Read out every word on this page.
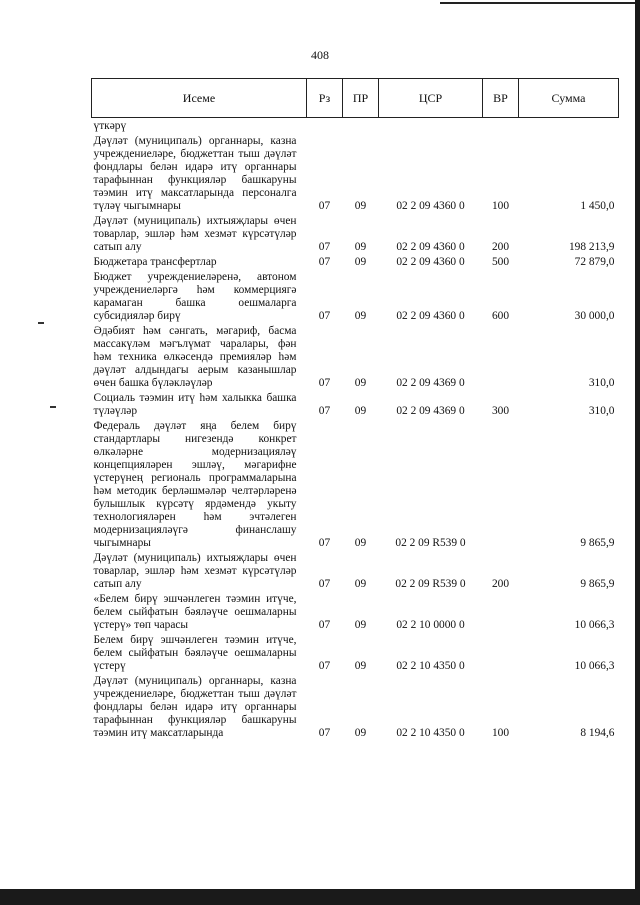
408
Исеме	Рз	ПР	ЦСР	ВР	Сумма
үткәрү					
Дәүләт (муниципаль) органнары, казна учреждениеләре, бюджеттан тыш дәүләт фондлары белән идарә итү органнары тарафыннан функцияләр башкаруны тәэмин итү максатларында персоналга түләү чыгымнары	07	09	02 2 09 4360 0	100	1 450,0
Дәүләт (муниципаль) ихтыяҗлары өчен товарлар, эшләр һәм хезмәт күрсәтүләр сатып алу	07	09	02 2 09 4360 0	200	198 213,9
Бюджетара трансфертлар	07	09	02 2 09 4360 0	500	72 879,0
Бюджет учреждениеләренә, автоном учреждениеләргә һәм коммерциягә карамаган башка оешмаларга субсидияләр бирү	07	09	02 2 09 4360 0	600	30 000,0
Әдәбият һәм сәнгать, мәгариф, басма массакүләм мәгълүмат чаралары, фән һәм техника өлкәсендә премияләр һәм дәүләт алдындагы аерым казанышлар өчен башка бүләкләүләр	07	09	02 2 09 4369 0		310,0
Социаль тәэмин итү һәм халыкка башка түләүләр	07	09	02 2 09 4369 0	300	310,0
Федераль дәүләт яңа белем бирү стандартлары нигезендә конкрет өлкәләрне модернизацияләү концепцияләрен эшләү, мәгарифне үстерүнең региональ программаларына һәм методик берләшмәләр челтәрләренә булышлык күрсәтү ярдәмендә укыту технологияләрен һәм эчтәлеген модернизацияләүгә финанслашу чыгымнары	07	09	02 2 09 R539 0		9 865,9
Дәүләт (муниципаль) ихтыяҗлары өчен товарлар, эшләр һәм хезмәт күрсәтүләр сатып алу	07	09	02 2 09 R539 0	200	9 865,9
«Белем бирү эшчәнлеген тәэмин итүче, белем сыйфатын бәяләүче оешмаларны үстерү» төп чарасы	07	09	02 2 10 0000 0		10 066,3
Белем бирү эшчәнлеген тәэмин итүче, белем сыйфатын бәяләүче оешмаларны үстерү	07	09	02 2 10 4350 0		10 066,3
Дәүләт (муниципаль) органнары, казна учреждениеләре, бюджеттан тыш дәүләт фондлары белән идарә итү органнары тарафыннан функцияләр башкаруны тәэмин итү максатларында	07	09	02 2 10 4350 0	100	8 194,6
